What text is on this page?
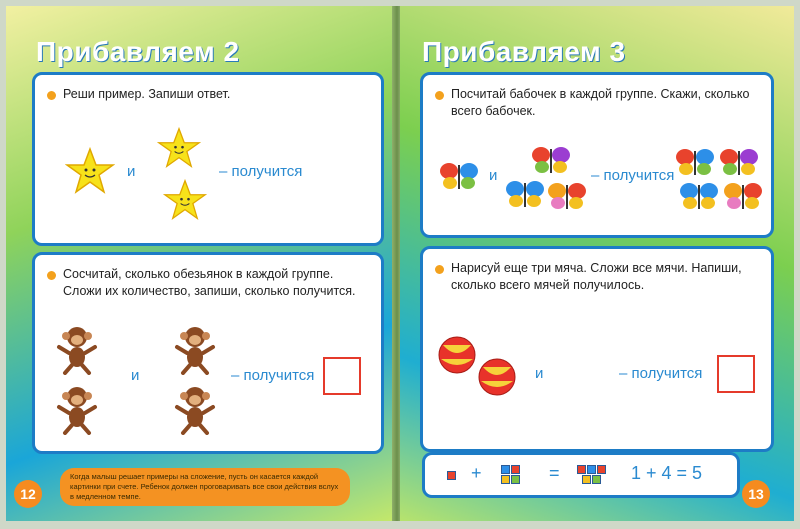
Прибавляем 2
Реши пример. Запиши ответ.
и	– получится
Сосчитай, сколько обезьянок в каждой группе. Сложи их количество, запиши, сколько получится.
и	– получится
12
Когда малыш решает примеры на сложение, пусть он касается каждой картинки при счете. Ребенок должен проговаривать все свои действия вслух в медленном темпе.
Прибавляем 3
Посчитай бабочек в каждой группе. Скажи, сколько всего бабочек.
и	– получится
Нарисуй еще три мяча. Сложи все мячи. Напиши, сколько всего мячей получилось.
и	– получится
+	=	1 + 4 = 5
13
